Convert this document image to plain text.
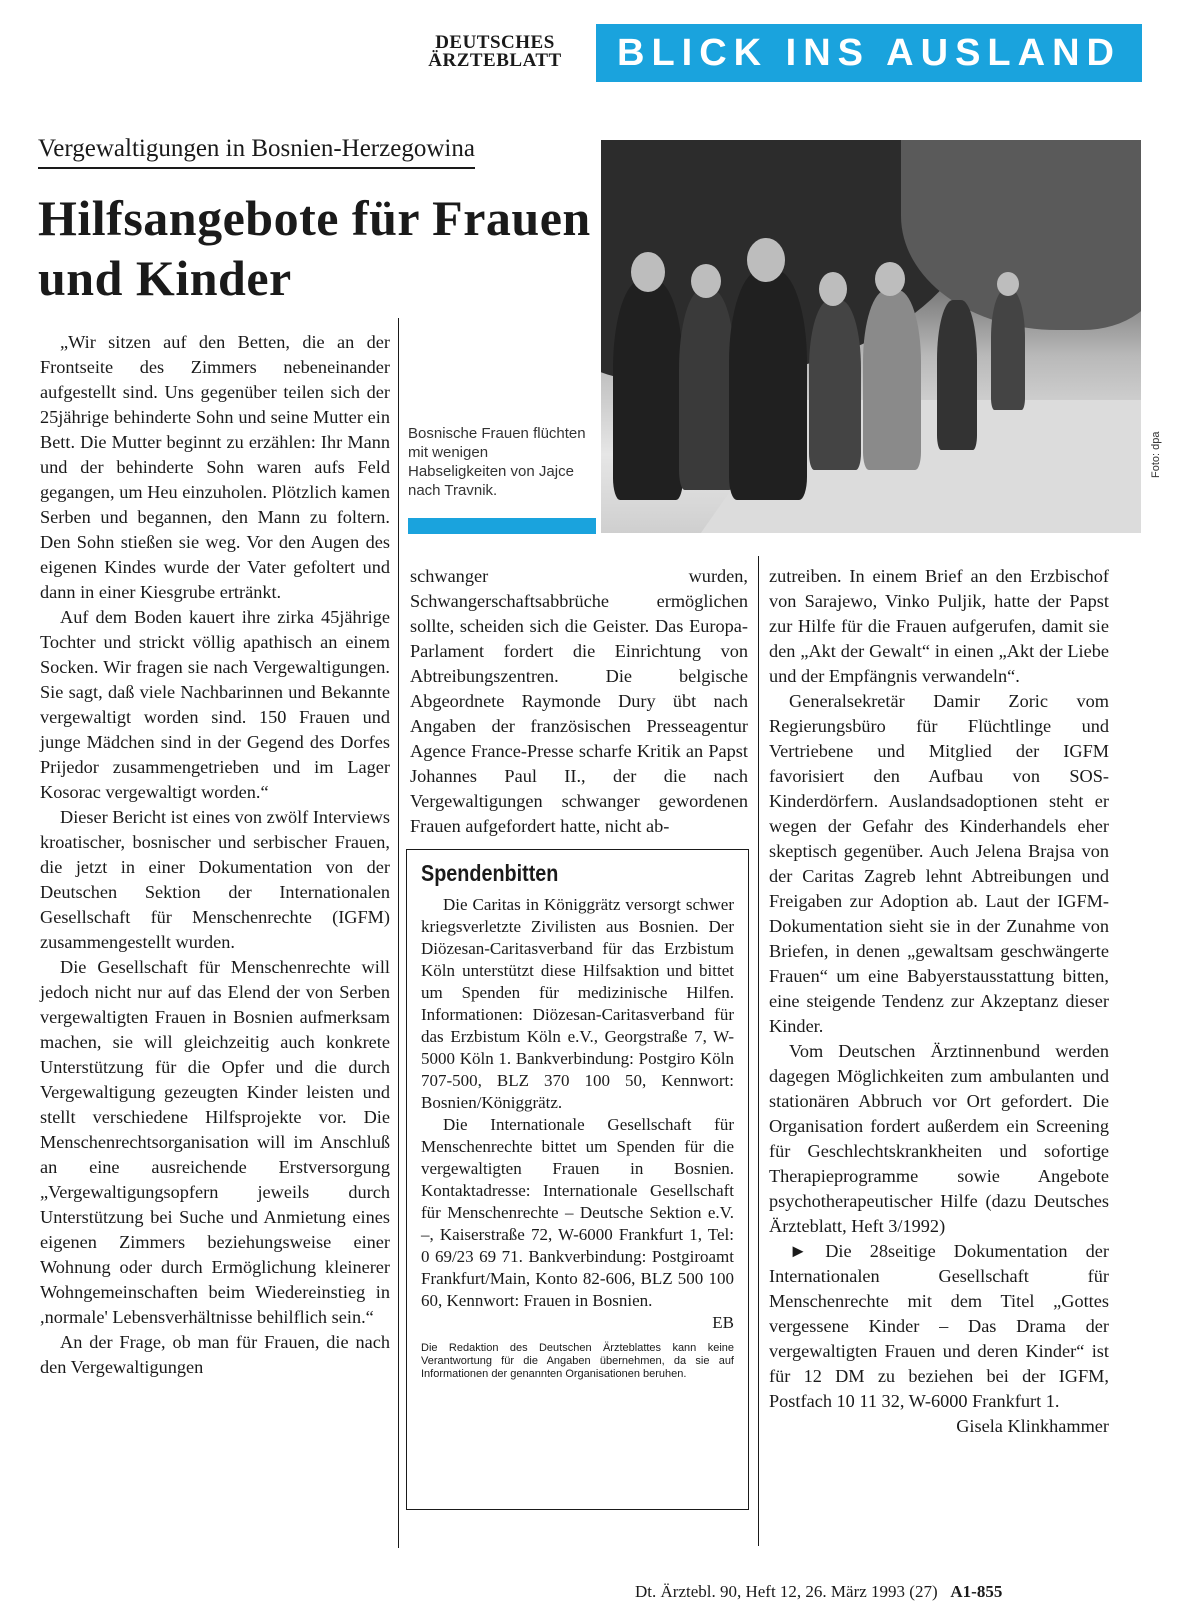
DEUTSCHES ÄRZTEBLATT	BLICK INS AUSLAND
Vergewaltigungen in Bosnien-Herzegowina
Hilfsangebote für Frauen und Kinder
Foto: dpa
Bosnische Frauen flüchten mit wenigen Habseligkeiten von Jajce nach Travnik.

„Wir sitzen auf den Betten, die an der Frontseite des Zimmers nebeneinander aufgestellt sind. Uns gegenüber teilen sich der 25jährige behinderte Sohn und seine Mutter ein Bett. Die Mutter beginnt zu erzählen: Ihr Mann und der behinderte Sohn waren aufs Feld gegangen, um Heu einzuholen. Plötzlich kamen Serben und begannen, den Mann zu foltern. Den Sohn stießen sie weg. Vor den Augen des eigenen Kindes wurde der Vater gefoltert und dann in einer Kiesgrube ertränkt.

Auf dem Boden kauert ihre zirka 45jährige Tochter und strickt völlig apathisch an einem Socken. Wir fragen sie nach Vergewaltigungen. Sie sagt, daß viele Nachbarinnen und Bekannte vergewaltigt worden sind. 150 Frauen und junge Mädchen sind in der Gegend des Dorfes Prijedor zusammengetrieben und im Lager Kosorac vergewaltigt worden.“

Dieser Bericht ist eines von zwölf Interviews kroatischer, bosnischer und serbischer Frauen, die jetzt in einer Dokumentation von der Deutschen Sektion der Internationalen Gesellschaft für Menschenrechte (IGFM) zusammengestellt wurden.

Die Gesellschaft für Menschenrechte will jedoch nicht nur auf das Elend der von Serben vergewaltigten Frauen in Bosnien aufmerksam machen, sie will gleichzeitig auch konkrete Unterstützung für die Opfer und die durch Vergewaltigung gezeugten Kinder leisten und stellt verschiedene Hilfsprojekte vor. Die Menschenrechtsorganisation will im Anschluß an eine ausreichende Erstversorgung „Vergewaltigungsopfern jeweils durch Unterstützung bei Suche und Anmietung eines eigenen Zimmers beziehungsweise einer Wohnung oder durch Ermöglichung kleinerer Wohngemeinschaften beim Wiedereinstieg in ,normale' Lebensverhältnisse behilflich sein.“

An der Frage, ob man für Frauen, die nach den Vergewaltigungen

schwanger wurden, Schwangerschaftsabbrüche ermöglichen sollte, scheiden sich die Geister. Das Europa-Parlament fordert die Einrichtung von Abtreibungszentren. Die belgische Abgeordnete Raymonde Dury übt nach Angaben der französischen Presseagentur Agence France-Presse scharfe Kritik an Papst Johannes Paul II., der die nach Vergewaltigungen schwanger gewordenen Frauen aufgefordert hatte, nicht ab-

Spendenbitten

Die Caritas in Königgrätz versorgt schwer kriegsverletzte Zivilisten aus Bosnien. Der Diözesan-Caritasverband für das Erzbistum Köln unterstützt diese Hilfsaktion und bittet um Spenden für medizinische Hilfen. Informationen: Diözesan-Caritasverband für das Erzbistum Köln e.V., Georgstraße 7, W-5000 Köln 1. Bankverbindung: Postgiro Köln 707-500, BLZ 370 100 50, Kennwort: Bosnien/Königgrätz.

Die Internationale Gesellschaft für Menschenrechte bittet um Spenden für die vergewaltigten Frauen in Bosnien. Kontaktadresse: Internationale Gesellschaft für Menschenrechte – Deutsche Sektion e.V. –, Kaiserstraße 72, W-6000 Frankfurt 1, Tel: 0 69/23 69 71. Bankverbindung: Postgiroamt Frankfurt/Main, Konto 82-606, BLZ 500 100 60, Kennwort: Frauen in Bosnien.

EB

Die Redaktion des Deutschen Ärzteblattes kann keine Verantwortung für die Angaben übernehmen, da sie auf Informationen der genannten Organisationen beruhen.

zutreiben. In einem Brief an den Erzbischof von Sarajewo, Vinko Puljik, hatte der Papst zur Hilfe für die Frauen aufgerufen, damit sie den „Akt der Gewalt“ in einen „Akt der Liebe und der Empfängnis verwandeln“.

Generalsekretär Damir Zoric vom Regierungsbüro für Flüchtlinge und Vertriebene und Mitglied der IGFM favorisiert den Aufbau von SOS-Kinderdörfern. Auslandsadoptionen steht er wegen der Gefahr des Kinderhandels eher skeptisch gegenüber. Auch Jelena Brajsa von der Caritas Zagreb lehnt Abtreibungen und Freigaben zur Adoption ab. Laut der IGFM-Dokumentation sieht sie in der Zunahme von Briefen, in denen „gewaltsam geschwängerte Frauen“ um eine Babyerstausstattung bitten, eine steigende Tendenz zur Akzeptanz dieser Kinder.

Vom Deutschen Ärztinnenbund werden dagegen Möglichkeiten zum ambulanten und stationären Abbruch vor Ort gefordert. Die Organisation fordert außerdem ein Screening für Geschlechtskrankheiten und sofortige Therapieprogramme sowie Angebote psychotherapeutischer Hilfe (dazu Deutsches Ärzteblatt, Heft 3/1992)

► Die 28seitige Dokumentation der Internationalen Gesellschaft für Menschenrechte mit dem Titel „Gottes vergessene Kinder – Das Drama der vergewaltigten Frauen und deren Kinder“ ist für 12 DM zu beziehen bei der IGFM, Postfach 10 11 32, W-6000 Frankfurt 1.

Gisela Klinkhammer

Dt. Ärztebl. 90, Heft 12, 26. März 1993 (27) A1-855
